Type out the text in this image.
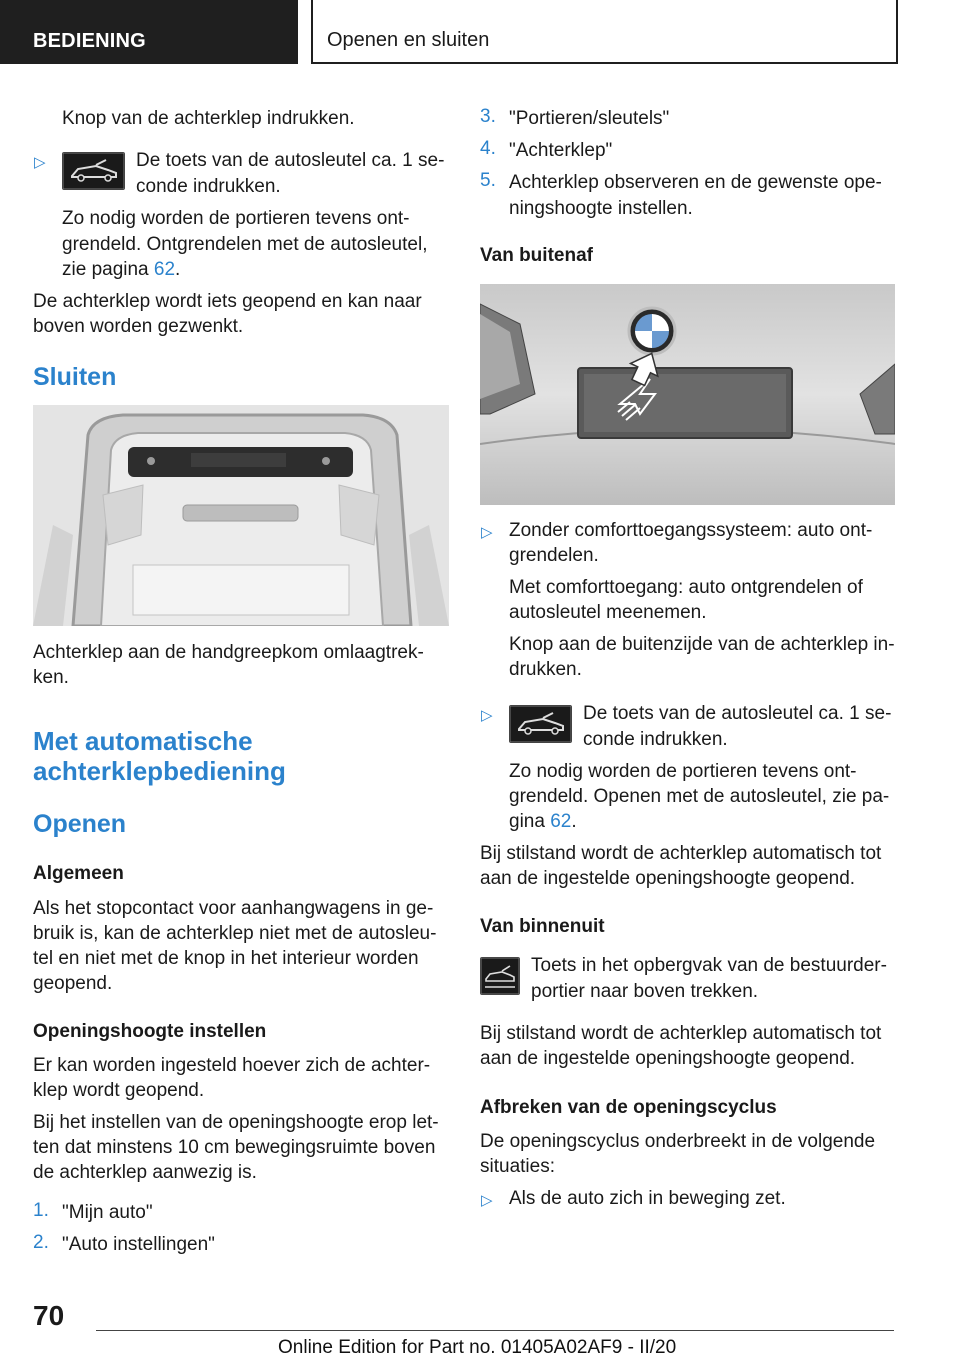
BEDIENING	Openen en sluiten

Knop van de achterklep indrukken.

▷	De toets van de autosleutel ca. 1 se-

conde indrukken.

Zo nodig worden de portieren tevens ont-

grendeld. Ontgrendelen met de autosleutel,

zie pagina 62.

De achterklep wordt iets geopend en kan naar

boven worden gezwenkt.

Sluiten

Achterklep aan de handgreepkom omlaagtrek-

ken.

Met automatische
achterklepbediening
Openen
Algemeen

Als het stopcontact voor aanhangwagens in ge-

bruik is, kan de achterklep niet met de autosleu-

tel en niet met de knop in het interieur worden

geopend.

Openingshoogte instellen

Er kan worden ingesteld hoever zich de achter-

klep wordt geopend.

Bij het instellen van de openingshoogte erop let-

ten dat minstens 10 cm bewegingsruimte boven

de achterklep aanwezig is.

1. "Mijn auto"

2. "Auto instellingen"

3. "Portieren/sleutels"

4. "Achterklep"

5. Achterklep observeren en de gewenste ope-

ningshoogte instellen.

Van buitenaf
▷ Zonder comforttoegangssysteem: auto ont-

grendelen.

Met comforttoegang: auto ontgrendelen of

autosleutel meenemen.

Knop aan de buitenzijde van de achterklep in-

drukken.

▷	De toets van de autosleutel ca. 1 se-

conde indrukken.

Zo nodig worden de portieren tevens ont-

grendeld. Openen met de autosleutel, zie pa-

gina 62.

Bij stilstand wordt de achterklep automatisch tot

aan de ingestelde openingshoogte geopend.

Van binnenuit

Toets in het opbergvak van de bestuurder-

portier naar boven trekken.

Bij stilstand wordt de achterklep automatisch tot

aan de ingestelde openingshoogte geopend.

Afbreken van de openingscyclus

De openingscyclus onderbreekt in de volgende

situaties:

▷ Als de auto zich in beweging zet.

70
Online Edition for Part no. 01405A02AF9 - II/20
